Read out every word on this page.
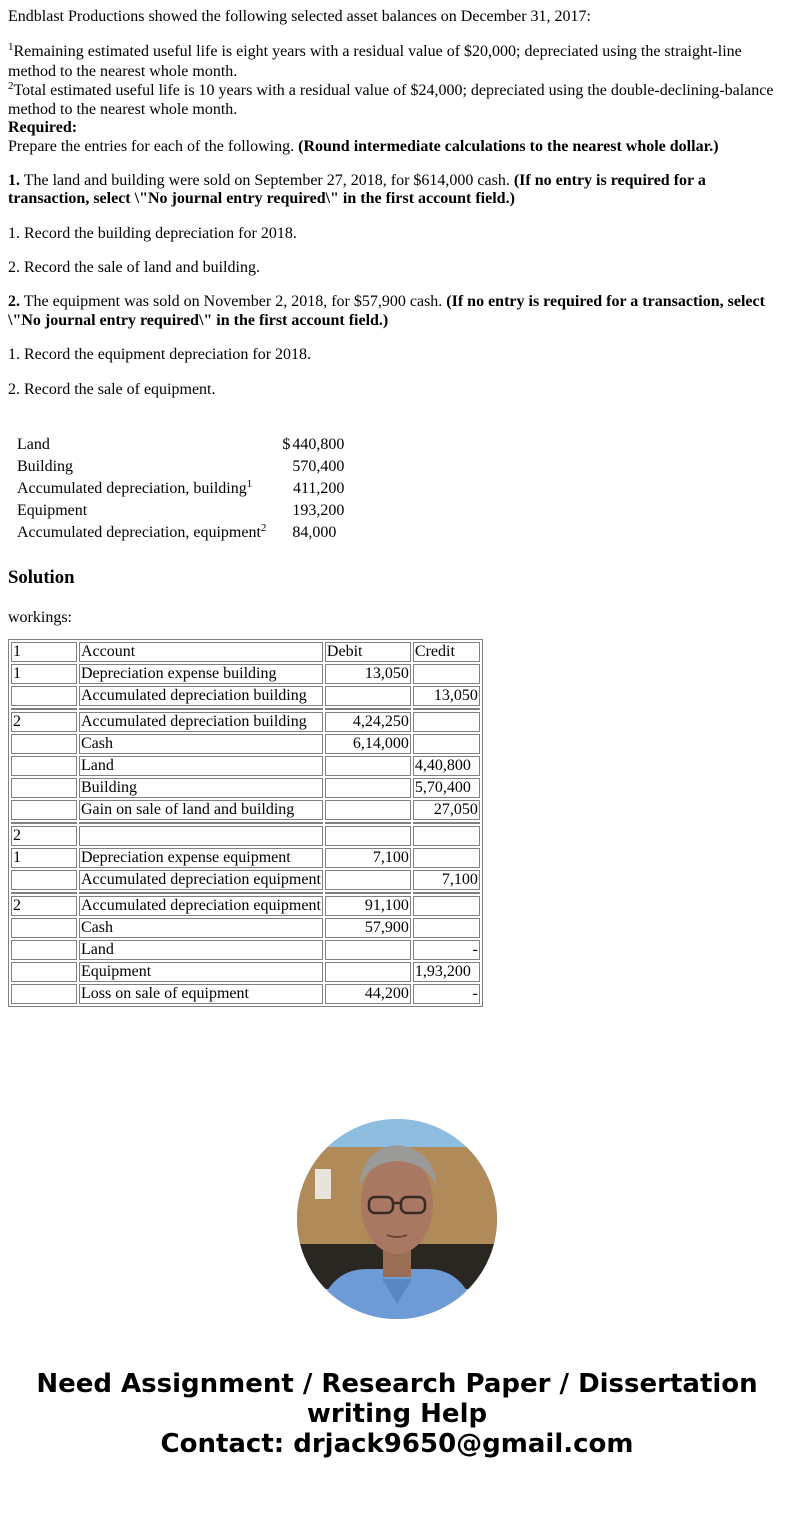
Endblast Productions showed the following selected asset balances on December 31, 2017:

$^1$Remaining estimated useful life is eight years with a residual value of $20,000; depreciated using the straight-line method to the nearest whole month.

$^2$Total estimated useful life is 10 years with a residual value of $24,000; depreciated using the double-declining-balance method to the nearest whole month.

Required:

Prepare the entries for each of the following. (Round intermediate calculations to the nearest whole dollar.)

1. The land and building were sold on September 27, 2018, for $614,000 cash. (If no entry is required for a transaction, select \"No journal entry required\" in the first account field.)

1. Record the building depreciation for 2018.

2. Record the sale of land and building.

2. The equipment was sold on November 2, 2018, for $57,900 cash. (If no entry is required for a transaction, select \"No journal entry required\" in the first account field.)

1. Record the equipment depreciation for 2018.

2. Record the sale of equipment.

Land	$	440,800
Building		570,400
Accumulated depreciation, building$^1$		411,200
Equipment		193,200
Accumulated depreciation, equipment$^2$		84,000
Solution

workings:

1	Account	Debit	Credit
1	Depreciation expense building	13,050	
	Accumulated depreciation building		13,050

2	Accumulated depreciation building	4,24,250	
	Cash	6,14,000	
	Land		4,40,800
	Building		5,70,400
	Gain on sale of land and building		27,050

2			
1	Depreciation expense equipment	7,100	
	Accumulated depreciation equipment		7,100

2	Accumulated depreciation equipment	91,100	
	Cash	57,900	
	Land		-
	Equipment		1,93,200
	Loss on sale of equipment	44,200	-
Need Assignment / Research Paper / Dissertation writing Help
Contact: drjack9650@gmail.com
